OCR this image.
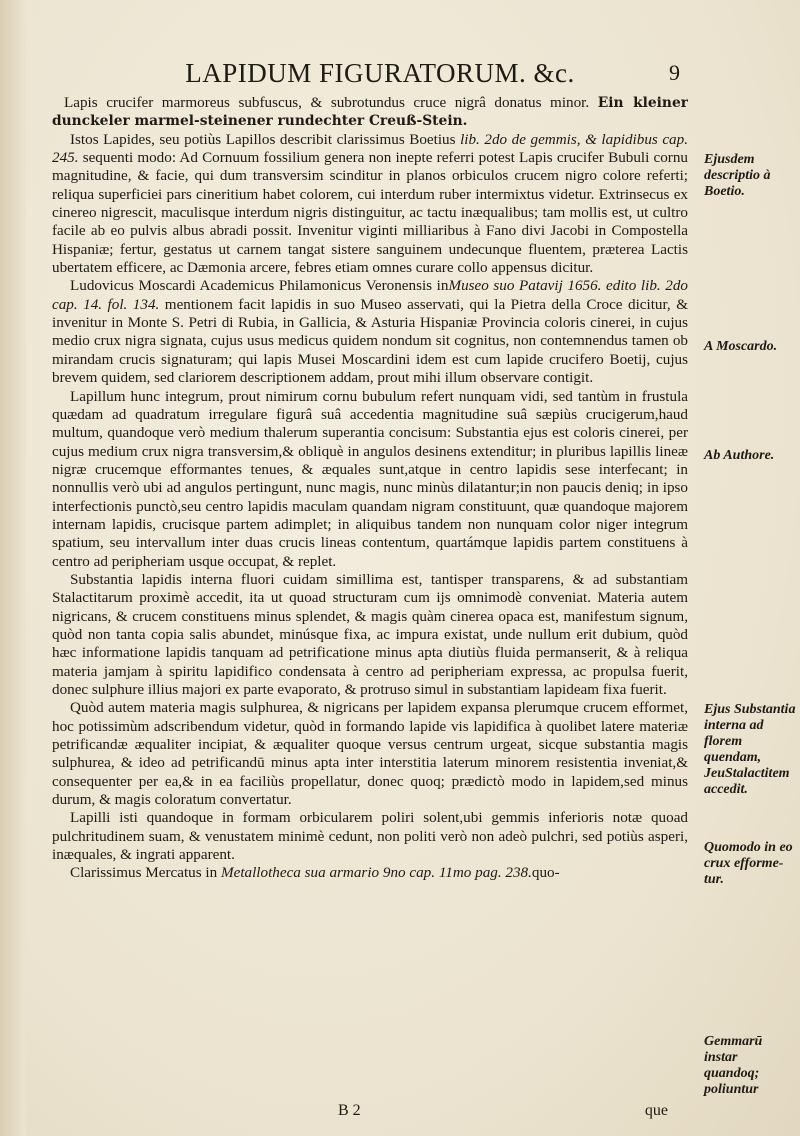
LAPIDUM FIGURATORUM. &c.	9

Lapis crucifer marmoreus subfuscus, & subrotundus cruce nigrâ donatus minor. Ein kleiner dunckeler marmel-steinener rundechter Creuß-Stein.

Istos Lapides, seu potiùs Lapillos describit clarissimus Boetius lib. 2do de gemmis, & lapidibus cap. 245. sequenti modo: Ad Cornuum fossilium genera non inepte referri potest Lapis crucifer Bubuli cornu magnitudine, & facie, qui dum transversim scinditur in planos orbiculos crucem nigro colore referti; reliqua superficiei pars cineritium habet colorem, cui interdum ruber intermixtus videtur. Extrinsecus ex cinereo nigrescit, maculisque interdum nigris distinguitur, ac tactu inæqualibus; tam mollis est, ut cultro facile ab eo pulvis albus abradi possit. Invenitur viginti milliaribus à Fano divi Jacobi in Compostella Hispaniæ; fertur, gestatus ut carnem tangat sistere sanguinem undecunque fluentem, præterea Lactis ubertatem efficere, ac Dæmonia arcere, febres etiam omnes curare collo appensus dicitur.

Ludovicus Moscardi Academicus Philamonicus Veronensis inMuseo suo Patavij 1656. edito lib. 2do cap. 14. fol. 134. mentionem facit lapidis in suo Museo asservati, qui la Pietra della Croce dicitur, & invenitur in Monte S. Petri di Rubia, in Gallicia, & Asturia Hispaniæ Provincia coloris cinerei, in cujus medio crux nigra signata, cujus usus medicus quidem nondum sit cognitus, non contemnendus tamen ob mirandam crucis signaturam; qui lapis Musei Moscardini idem est cum lapide crucifero Boetij, cujus brevem quidem, sed clariorem descriptionem addam, prout mihi illum observare contigit.

Lapillum hunc integrum, prout nimirum cornu bubulum refert nunquam vidi, sed tantùm in frustula quædam ad quadratum irregulare figurâ suâ accedentia magnitudine suâ sæpiùs crucigerum,haud multum, quandoque verò medium thalerum superantia concisum: Substantia ejus est coloris cinerei, per cujus medium crux nigra transversim,& obliquè in angulos desinens extenditur; in pluribus lapillis lineæ nigræ crucemque efformantes tenues, & æquales sunt,atque in centro lapidis sese interfecant; in nonnullis verò ubi ad angulos pertingunt, nunc magis, nunc minùs dilatantur;in non paucis deniq; in ipso interfectionis punctò,seu centro lapidis maculam quandam nigram constituunt, quæ quandoque majorem internam lapidis, crucisque partem adimplet; in aliquibus tandem non nunquam color niger integrum spatium, seu intervallum inter duas crucis lineas contentum, quartámque lapidis partem constituens à centro ad peripheriam usque occupat, & replet.

Substantia lapidis interna fluori cuidam simillima est, tantisper transparens, & ad substantiam Stalactitarum proximè accedit, ita ut quoad structuram cum ijs omnimodè conveniat. Materia autem nigricans, & crucem constituens minus splendet, & magis quàm cinerea opaca est, manifestum signum, quòd non tanta copia salis abundet, minúsque fixa, ac impura existat, unde nullum erit dubium, quòd hæc informatione lapidis tanquam ad petrificatione minus apta diutiùs fluida permanserit, & à reliqua materia jamjam à spiritu lapidifico condensata à centro ad peripheriam expressa, ac propulsa fuerit, donec sulphure illius majori ex parte evaporato, & protruso simul in substantiam lapideam fixa fuerit.

Quòd autem materia magis sulphurea, & nigricans per lapidem expansa plerumque crucem efformet, hoc potissimùm adscribendum videtur, quòd in formando lapide vis lapidifica à quolibet latere materiæ petrificandæ æqualiter incipiat, & æqualiter quoque versus centrum urgeat, sicque substantia magis sulphurea, & ideo ad petrificandū minus apta inter interstitia laterum minorem resistentia inveniat,& consequenter per ea,& in ea faciliùs propellatur, donec quoq; prædictò modo in lapidem,sed minus durum, & magis coloratum convertatur.

Lapilli isti quandoque in formam orbicularem poliri solent,ubi gemmis inferioris notæ quoad pulchritudinem suam, & venustatem minimè cedunt, non politi verò non adeò pulchri, sed potiùs asperi, inæquales, & ingrati apparent.

Clarissimus Mercatus in Metallotheca sua armario 9no cap. 11mo pag. 238.quo-

Ejusdem descriptio à Boetio.
A Moscardo.
Ab Authore.
Ejus Substantia interna ad florem quendam, JeuStalactitem accedit.
Quomodo in eo crux efforme- tur.
Gemmarū instar quandoq; poliuntur
B 2	que
